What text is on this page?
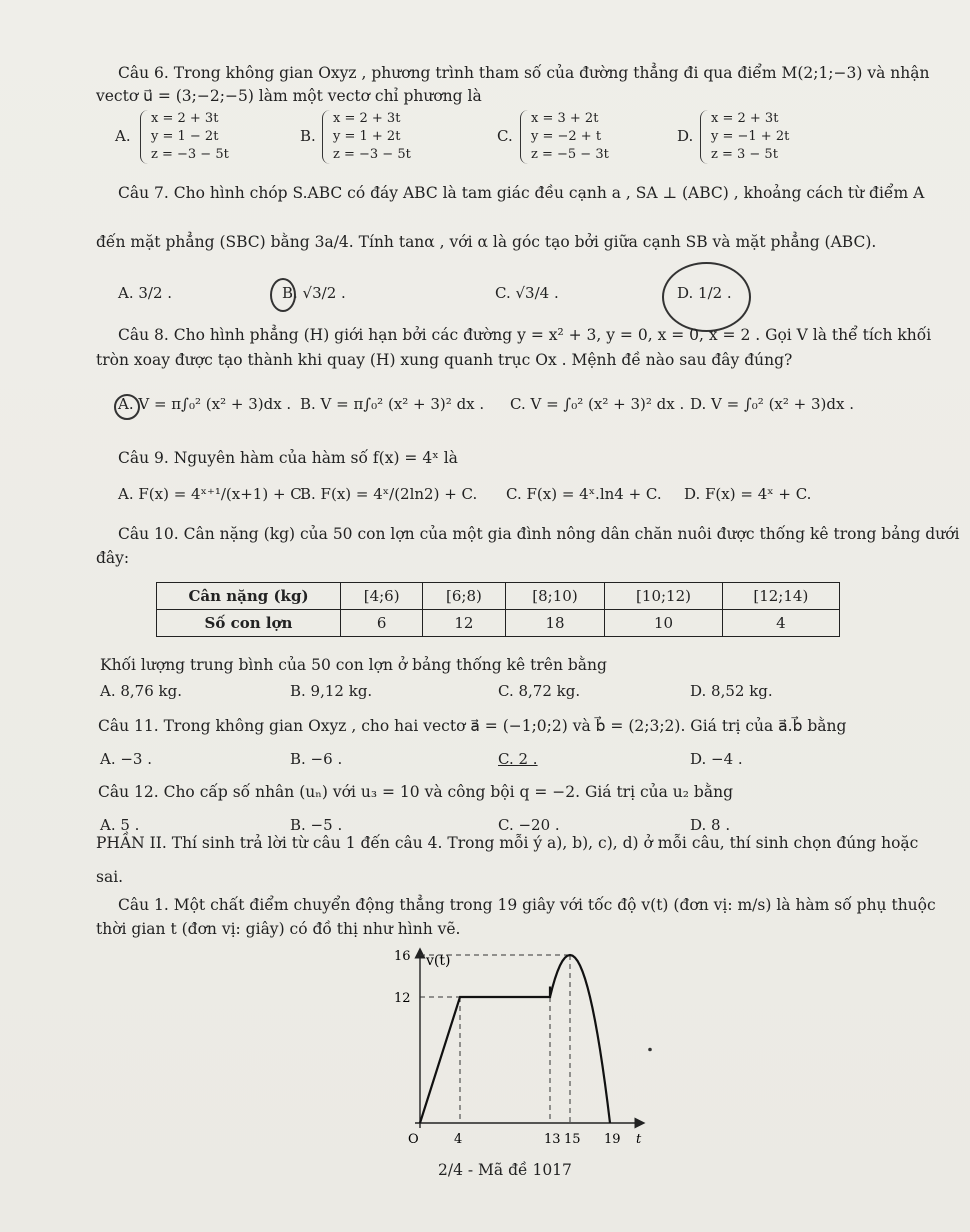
Câu 6. Trong không gian Oxyz , phương trình tham số của đường thẳng đi qua điểm M(2;1;−3) và nhận
vectơ u⃗ = (3;−2;−5) làm một vectơ chỉ phương là
A.
x = 2 + 3t
y = 1 − 2t
z = −3 − 5t
B.
x = 2 + 3t
y = 1 + 2t
z = −3 − 5t
C.
x = 3 + 2t
y = −2 + t
z = −5 − 3t
D.
x = 2 + 3t
y = −1 + 2t
z = 3 − 5t
Câu 7. Cho hình chóp S.ABC có đáy ABC là tam giác đều cạnh a , SA ⊥ (ABC) , khoảng cách từ điểm A
đến mặt phẳng (SBC) bằng 3a/4. Tính tanα , với α là góc tạo bởi giữa cạnh SB và mặt phẳng (ABC).
A. 3/2 .	B. √3/2 .	C. √3/4 .	D. 1/2 .
Câu 8. Cho hình phẳng (H) giới hạn bởi các đường y = x² + 3, y = 0, x = 0, x = 2 . Gọi V là thể tích khối
tròn xoay được tạo thành khi quay (H) xung quanh trục Ox . Mệnh đề nào sau đây đúng?
A. V = π∫₀² (x² + 3)dx . B. V = π∫₀² (x² + 3)² dx . C. V = ∫₀² (x² + 3)² dx . D. V = ∫₀² (x² + 3)dx .
Câu 9. Nguyên hàm của hàm số f(x) = 4ˣ là
A. F(x) = 4ˣ⁺¹/(x+1) + C.
B. F(x) = 4ˣ/(2ln2) + C. C. F(x) = 4ˣ.ln4 + C. D. F(x) = 4ˣ + C.
Câu 10. Cân nặng (kg) của 50 con lợn của một gia đình nông dân chăn nuôi được thống kê trong bảng dưới
đây:
Cân nặng (kg)	[4;6)	[6;8)	[8;10)	[10;12)	[12;14)
Số con lợn	6	12	18	10	4
Khối lượng trung bình của 50 con lợn ở bảng thống kê trên bằng
A. 8,76 kg.	B. 9,12 kg.	C. 8,72 kg.	D. 8,52 kg.
Câu 11. Trong không gian Oxyz , cho hai vectơ a⃗ = (−1;0;2) và b⃗ = (2;3;2). Giá trị của a⃗.b⃗ bằng
A. −3 .	B. −6 .	C. 2 .	D. −4 .
Câu 12. Cho cấp số nhân (uₙ) với u₃ = 10 và công bội q = −2. Giá trị của u₂ bằng
A. 5 .	B. −5 .	C. −20 .	D. 8 .
PHẦN II. Thí sinh trả lời từ câu 1 đến câu 4. Trong mỗi ý a), b), c), d) ở mỗi câu, thí sinh chọn đúng hoặc
sai.
Câu 1. Một chất điểm chuyển động thẳng trong 19 giây với tốc độ v(t) (đơn vị: m/s) là hàm số phụ thuộc
thời gian t (đơn vị: giây) có đồ thị như hình vẽ.
v(t)
t
16
12
O	4	13 15 19
2/4 - Mã đề 1017
